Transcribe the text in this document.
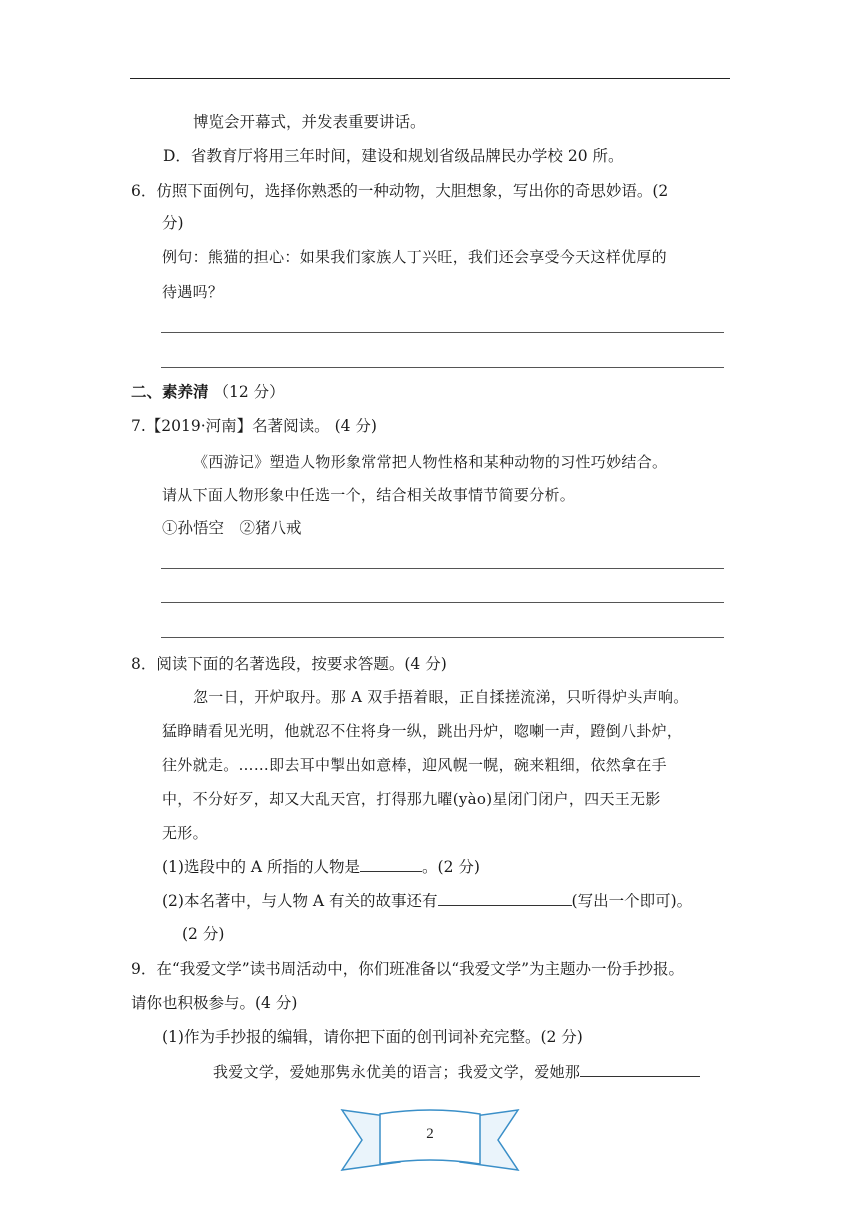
博览会开幕式，并发表重要讲话。
D．省教育厅将用三年时间，建设和规划省级品牌民办学校 20 所。
6．仿照下面例句，选择你熟悉的一种动物，大胆想象，写出你的奇思妙语。(2
分)
例句：熊猫的担心：如果我们家族人丁兴旺，我们还会享受今天这样优厚的
待遇吗？
二、素养清 （12 分）
7.【2019·河南】名著阅读。 (4 分)
《西游记》塑造人物形象常常把人物性格和某种动物的习性巧妙结合。
请从下面人物形象中任选一个，结合相关故事情节简要分析。
①孙悟空　②猪八戒
8．阅读下面的名著选段，按要求答题。(4 分)
忽一日，开炉取丹。那 A 双手捂着眼，正自揉搓流涕，只听得炉头声响。
猛睁睛看见光明，他就忍不住将身一纵，跳出丹炉，唿喇一声，蹬倒八卦炉，
往外就走。……即去耳中掣出如意棒，迎风幌一幌，碗来粗细，依然拿在手
中，不分好歹，却又大乱天宫，打得那九曜(yào)星闭门闭户，四天王无影
无形。
(1)选段中的 A 所指的人物是	。(2 分)
(2)本名著中，与人物 A 有关的故事还有	(写出一个即可)。
(2 分)
9．在“我爱文学”读书周活动中，你们班准备以“我爱文学”为主题办一份手抄报。
请你也积极参与。(4 分)
(1)作为手抄报的编辑，请你把下面的创刊词补充完整。(2 分)
我爱文学，爱她那隽永优美的语言；我爱文学，爱她那
2
